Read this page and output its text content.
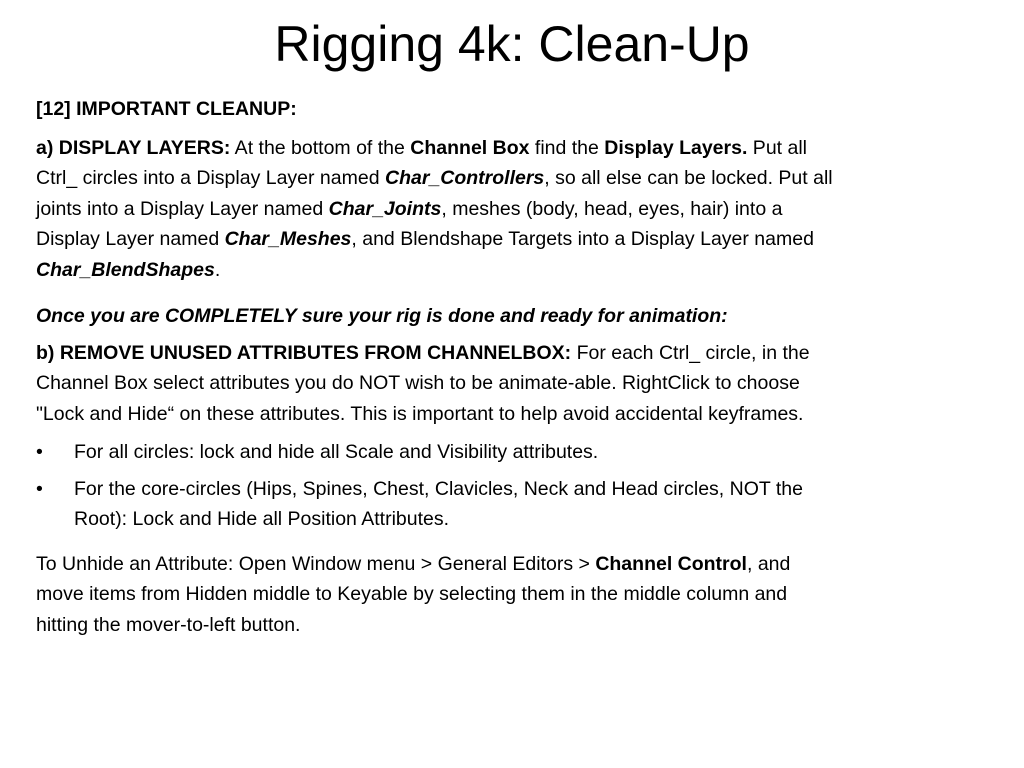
Rigging 4k: Clean-Up

[12] IMPORTANT CLEANUP:

a) DISPLAY LAYERS: At the bottom of the Channel Box find the Display Layers. Put all Ctrl_ circles into a Display Layer named Char_Controllers, so all else can be locked. Put all joints into a Display Layer named Char_Joints, meshes (body, head, eyes, hair) into a Display Layer named Char_Meshes, and Blendshape Targets into a Display Layer named Char_BlendShapes.

Once you are COMPLETELY sure your rig is done and ready for animation:

b) REMOVE UNUSED ATTRIBUTES FROM CHANNELBOX: For each Ctrl_ circle, in the Channel Box select attributes you do NOT wish to be animate-able. RightClick to choose "Lock and Hide“ on these attributes. This is important to help avoid accidental keyframes.

•	For all circles: lock and hide all Scale and Visibility attributes.
•	For the core-circles (Hips, Spines, Chest, Clavicles, Neck and Head circles, NOT the Root): Lock and Hide all Position Attributes.

To Unhide an Attribute: Open Window menu > General Editors > Channel Control, and move items from Hidden middle to Keyable by selecting them in the middle column and hitting the mover-to-left button.
